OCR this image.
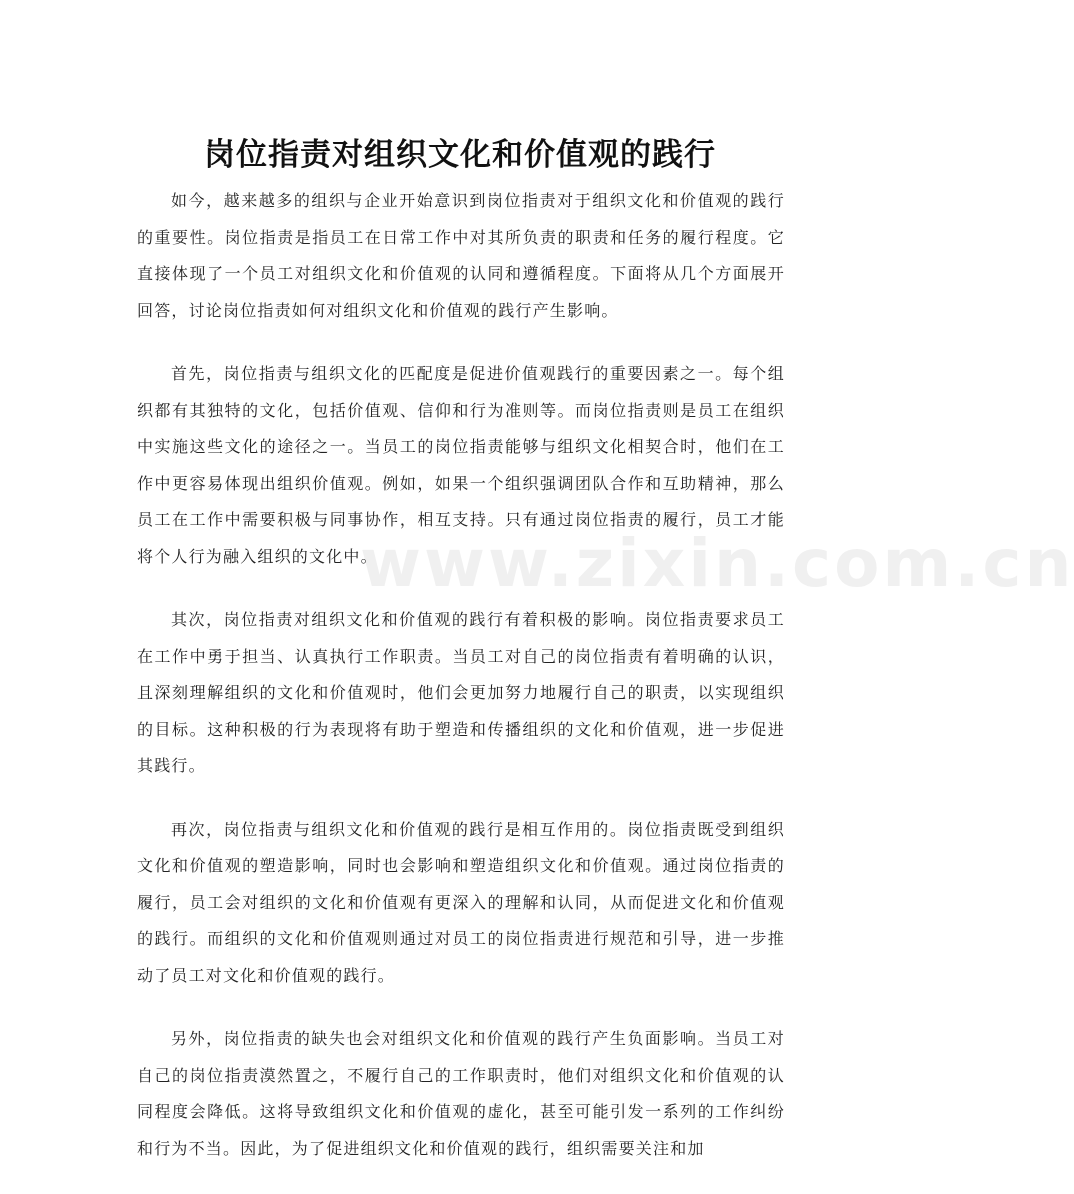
www.zixin.com.cn
岗位指责对组织文化和价值观的践行

如今，越来越多的组织与企业开始意识到岗位指责对于组织文化和价值观的践行的重要性。岗位指责是指员工在日常工作中对其所负责的职责和任务的履行程度。它直接体现了一个员工对组织文化和价值观的认同和遵循程度。下面将从几个方面展开回答，讨论岗位指责如何对组织文化和价值观的践行产生影响。

首先，岗位指责与组织文化的匹配度是促进价值观践行的重要因素之一。每个组织都有其独特的文化，包括价值观、信仰和行为准则等。而岗位指责则是员工在组织中实施这些文化的途径之一。当员工的岗位指责能够与组织文化相契合时，他们在工作中更容易体现出组织价值观。例如，如果一个组织强调团队合作和互助精神，那么员工在工作中需要积极与同事协作，相互支持。只有通过岗位指责的履行，员工才能将个人行为融入组织的文化中。

其次，岗位指责对组织文化和价值观的践行有着积极的影响。岗位指责要求员工在工作中勇于担当、认真执行工作职责。当员工对自己的岗位指责有着明确的认识，且深刻理解组织的文化和价值观时，他们会更加努力地履行自己的职责，以实现组织的目标。这种积极的行为表现将有助于塑造和传播组织的文化和价值观，进一步促进其践行。

再次，岗位指责与组织文化和价值观的践行是相互作用的。岗位指责既受到组织文化和价值观的塑造影响，同时也会影响和塑造组织文化和价值观。通过岗位指责的履行，员工会对组织的文化和价值观有更深入的理解和认同，从而促进文化和价值观的践行。而组织的文化和价值观则通过对员工的岗位指责进行规范和引导，进一步推动了员工对文化和价值观的践行。

另外，岗位指责的缺失也会对组织文化和价值观的践行产生负面影响。当员工对自己的岗位指责漠然置之，不履行自己的工作职责时，他们对组织文化和价值观的认同程度会降低。这将导致组织文化和价值观的虚化，甚至可能引发一系列的工作纠纷和行为不当。因此，为了促进组织文化和价值观的践行，组织需要关注和加
